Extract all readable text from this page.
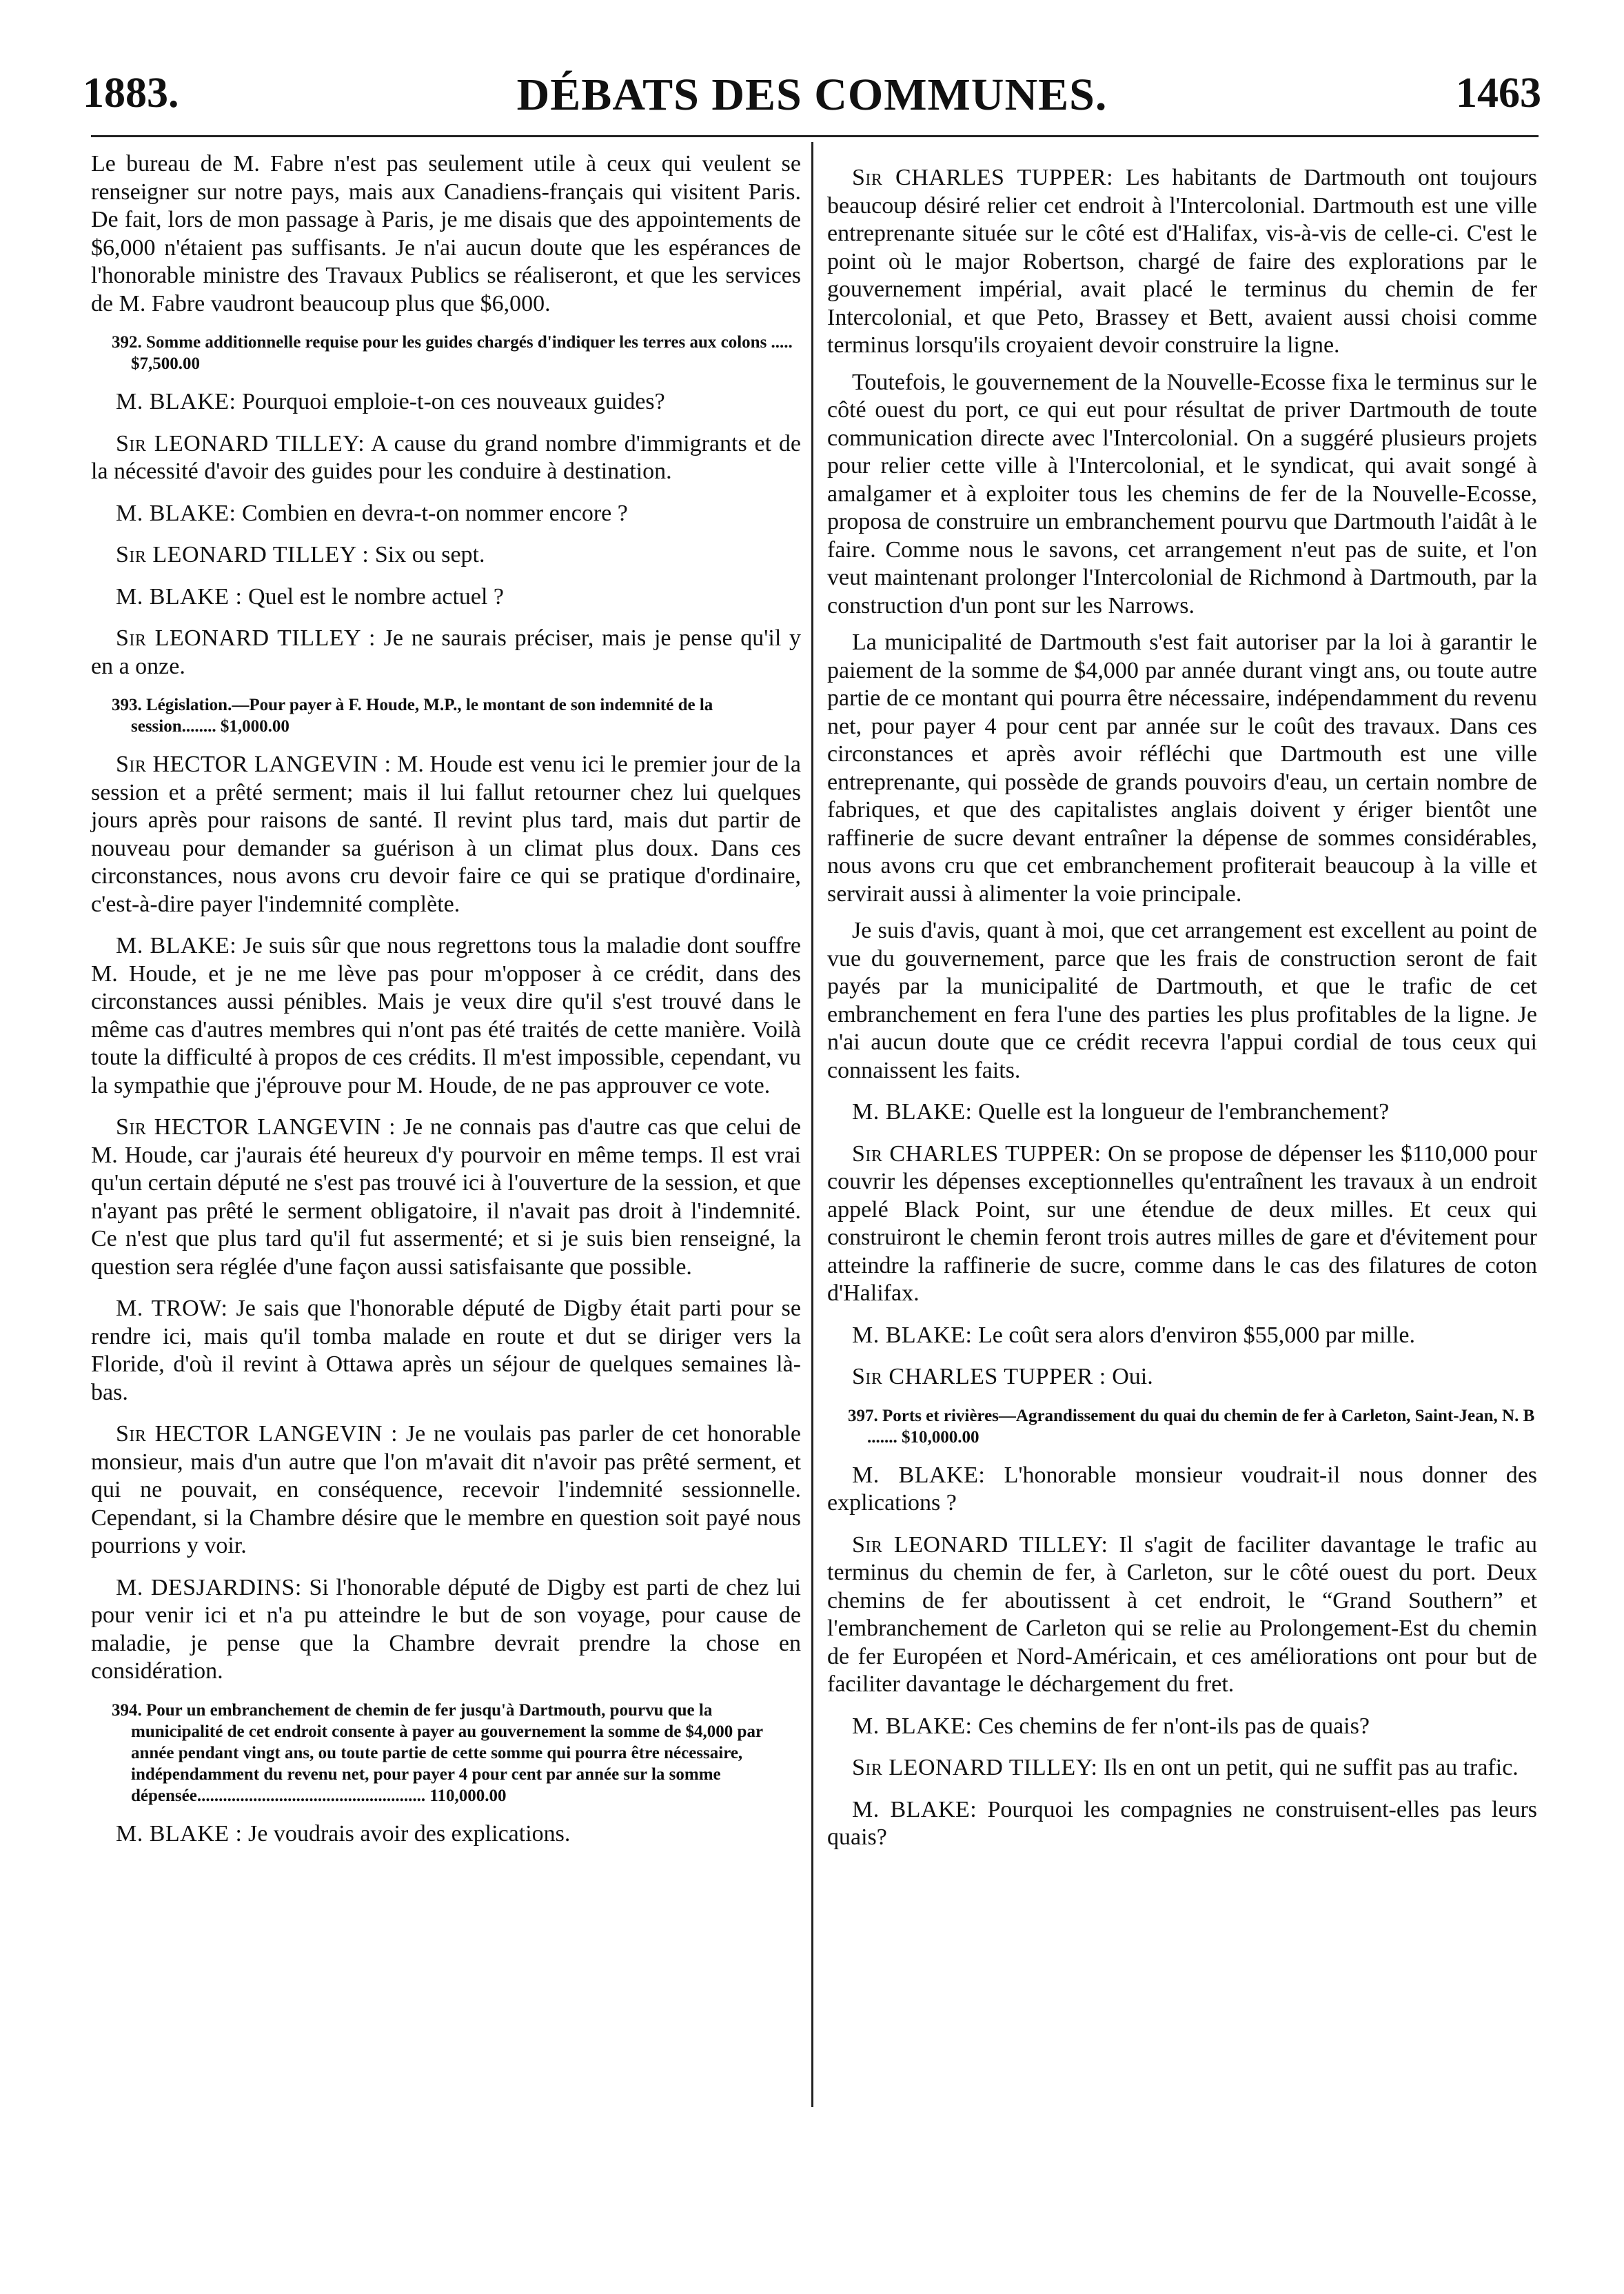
DÉBATS DES COMMUNES.
1883.	1463

Le bureau de M. Fabre n'est pas seulement utile à ceux qui veulent se renseigner sur notre pays, mais aux Canadiens-français qui visitent Paris. De fait, lors de mon passage à Paris, je me disais que des appointements de $6,000 n'étaient pas suffisants. Je n'ai aucun doute que les espérances de l'honorable ministre des Travaux Publics se réaliseront, et que les services de M. Fabre vaudront beaucoup plus que $6,000.

392. Somme additionnelle requise pour les guides chargés d'indiquer les terres aux colons ..... $7,500.00

M. BLAKE: Pourquoi emploie-t-on ces nouveaux guides?

Sir LEONARD TILLEY: A cause du grand nombre d'immigrants et de la nécessité d'avoir des guides pour les conduire à destination.

M. BLAKE: Combien en devra-t-on nommer encore ?

Sir LEONARD TILLEY : Six ou sept.

M. BLAKE : Quel est le nombre actuel ?

Sir LEONARD TILLEY : Je ne saurais préciser, mais je pense qu'il y en a onze.

393. Législation.—Pour payer à F. Houde, M.P., le montant de son indemnité de la session........ $1,000.00

Sir HECTOR LANGEVIN : M. Houde est venu ici le premier jour de la session et a prêté serment; mais il lui fallut retourner chez lui quelques jours après pour raisons de santé. Il revint plus tard, mais dut partir de nouveau pour demander sa guérison à un climat plus doux. Dans ces circonstances, nous avons cru devoir faire ce qui se pratique d'ordinaire, c'est-à-dire payer l'indemnité complète.

M. BLAKE: Je suis sûr que nous regrettons tous la maladie dont souffre M. Houde, et je ne me lève pas pour m'opposer à ce crédit, dans des circonstances aussi pénibles. Mais je veux dire qu'il s'est trouvé dans le même cas d'autres membres qui n'ont pas été traités de cette manière. Voilà toute la difficulté à propos de ces crédits. Il m'est impossible, cependant, vu la sympathie que j'éprouve pour M. Houde, de ne pas approuver ce vote.

Sir HECTOR LANGEVIN : Je ne connais pas d'autre cas que celui de M. Houde, car j'aurais été heureux d'y pourvoir en même temps. Il est vrai qu'un certain député ne s'est pas trouvé ici à l'ouverture de la session, et que n'ayant pas prêté le serment obligatoire, il n'avait pas droit à l'indemnité. Ce n'est que plus tard qu'il fut assermenté; et si je suis bien renseigné, la question sera réglée d'une façon aussi satisfaisante que possible.

M. TROW: Je sais que l'honorable député de Digby était parti pour se rendre ici, mais qu'il tomba malade en route et dut se diriger vers la Floride, d'où il revint à Ottawa après un séjour de quelques semaines là-bas.

Sir HECTOR LANGEVIN : Je ne voulais pas parler de cet honorable monsieur, mais d'un autre que l'on m'avait dit n'avoir pas prêté serment, et qui ne pouvait, en conséquence, recevoir l'indemnité sessionnelle. Cependant, si la Chambre désire que le membre en question soit payé nous pourrions y voir.

M. DESJARDINS: Si l'honorable député de Digby est parti de chez lui pour venir ici et n'a pu atteindre le but de son voyage, pour cause de maladie, je pense que la Chambre devrait prendre la chose en considération.

394. Pour un embranchement de chemin de fer jusqu'à Dartmouth, pourvu que la municipalité de cet endroit consente à payer au gouvernement la somme de $4,000 par année pendant vingt ans, ou toute partie de cette somme qui pourra être nécessaire, indépendamment du revenu net, pour payer 4 pour cent par année sur la somme dépensée..................................................... 110,000.00

M. BLAKE : Je voudrais avoir des explications.

Sir CHARLES TUPPER: Les habitants de Dartmouth ont toujours beaucoup désiré relier cet endroit à l'Intercolonial. Dartmouth est une ville entreprenante située sur le côté est d'Halifax, vis-à-vis de celle-ci. C'est le point où le major Robertson, chargé de faire des explorations par le gouvernement impérial, avait placé le terminus du chemin de fer Intercolonial, et que Peto, Brassey et Bett, avaient aussi choisi comme terminus lorsqu'ils croyaient devoir construire la ligne.

Toutefois, le gouvernement de la Nouvelle-Ecosse fixa le terminus sur le côté ouest du port, ce qui eut pour résultat de priver Dartmouth de toute communication directe avec l'Intercolonial. On a suggéré plusieurs projets pour relier cette ville à l'Intercolonial, et le syndicat, qui avait songé à amalgamer et à exploiter tous les chemins de fer de la Nouvelle-Ecosse, proposa de construire un embranchement pourvu que Dartmouth l'aidât à le faire. Comme nous le savons, cet arrangement n'eut pas de suite, et l'on veut maintenant prolonger l'Intercolonial de Richmond à Dartmouth, par la construction d'un pont sur les Narrows.

La municipalité de Dartmouth s'est fait autoriser par la loi à garantir le paiement de la somme de $4,000 par année durant vingt ans, ou toute autre partie de ce montant qui pourra être nécessaire, indépendamment du revenu net, pour payer 4 pour cent par année sur le coût des travaux. Dans ces circonstances et après avoir réfléchi que Dartmouth est une ville entreprenante, qui possède de grands pouvoirs d'eau, un certain nombre de fabriques, et que des capitalistes anglais doivent y ériger bientôt une raffinerie de sucre devant entraîner la dépense de sommes considérables, nous avons cru que cet embranchement profiterait beaucoup à la ville et servirait aussi à alimenter la voie principale.

Je suis d'avis, quant à moi, que cet arrangement est excellent au point de vue du gouvernement, parce que les frais de construction seront de fait payés par la municipalité de Dartmouth, et que le trafic de cet embranchement en fera l'une des parties les plus profitables de la ligne. Je n'ai aucun doute que ce crédit recevra l'appui cordial de tous ceux qui connaissent les faits.

M. BLAKE: Quelle est la longueur de l'embranchement?

Sir CHARLES TUPPER: On se propose de dépenser les $110,000 pour couvrir les dépenses exceptionnelles qu'entraînent les travaux à un endroit appelé Black Point, sur une étendue de deux milles. Et ceux qui construiront le chemin feront trois autres milles de gare et d'évitement pour atteindre la raffinerie de sucre, comme dans le cas des filatures de coton d'Halifax.

M. BLAKE: Le coût sera alors d'environ $55,000 par mille.

Sir CHARLES TUPPER : Oui.

397. Ports et rivières—Agrandissement du quai du chemin de fer à Carleton, Saint-Jean, N. B ....... $10,000.00

M. BLAKE: L'honorable monsieur voudrait-il nous donner des explications ?

Sir LEONARD TILLEY: Il s'agit de faciliter davantage le trafic au terminus du chemin de fer, à Carleton, sur le côté ouest du port. Deux chemins de fer aboutissent à cet endroit, le “Grand Southern” et l'embranchement de Carleton qui se relie au Prolongement-Est du chemin de fer Européen et Nord-Américain, et ces améliorations ont pour but de faciliter davantage le déchargement du fret.

M. BLAKE: Ces chemins de fer n'ont-ils pas de quais?

Sir LEONARD TILLEY: Ils en ont un petit, qui ne suffit pas au trafic.

M. BLAKE: Pourquoi les compagnies ne construisent-elles pas leurs quais?
